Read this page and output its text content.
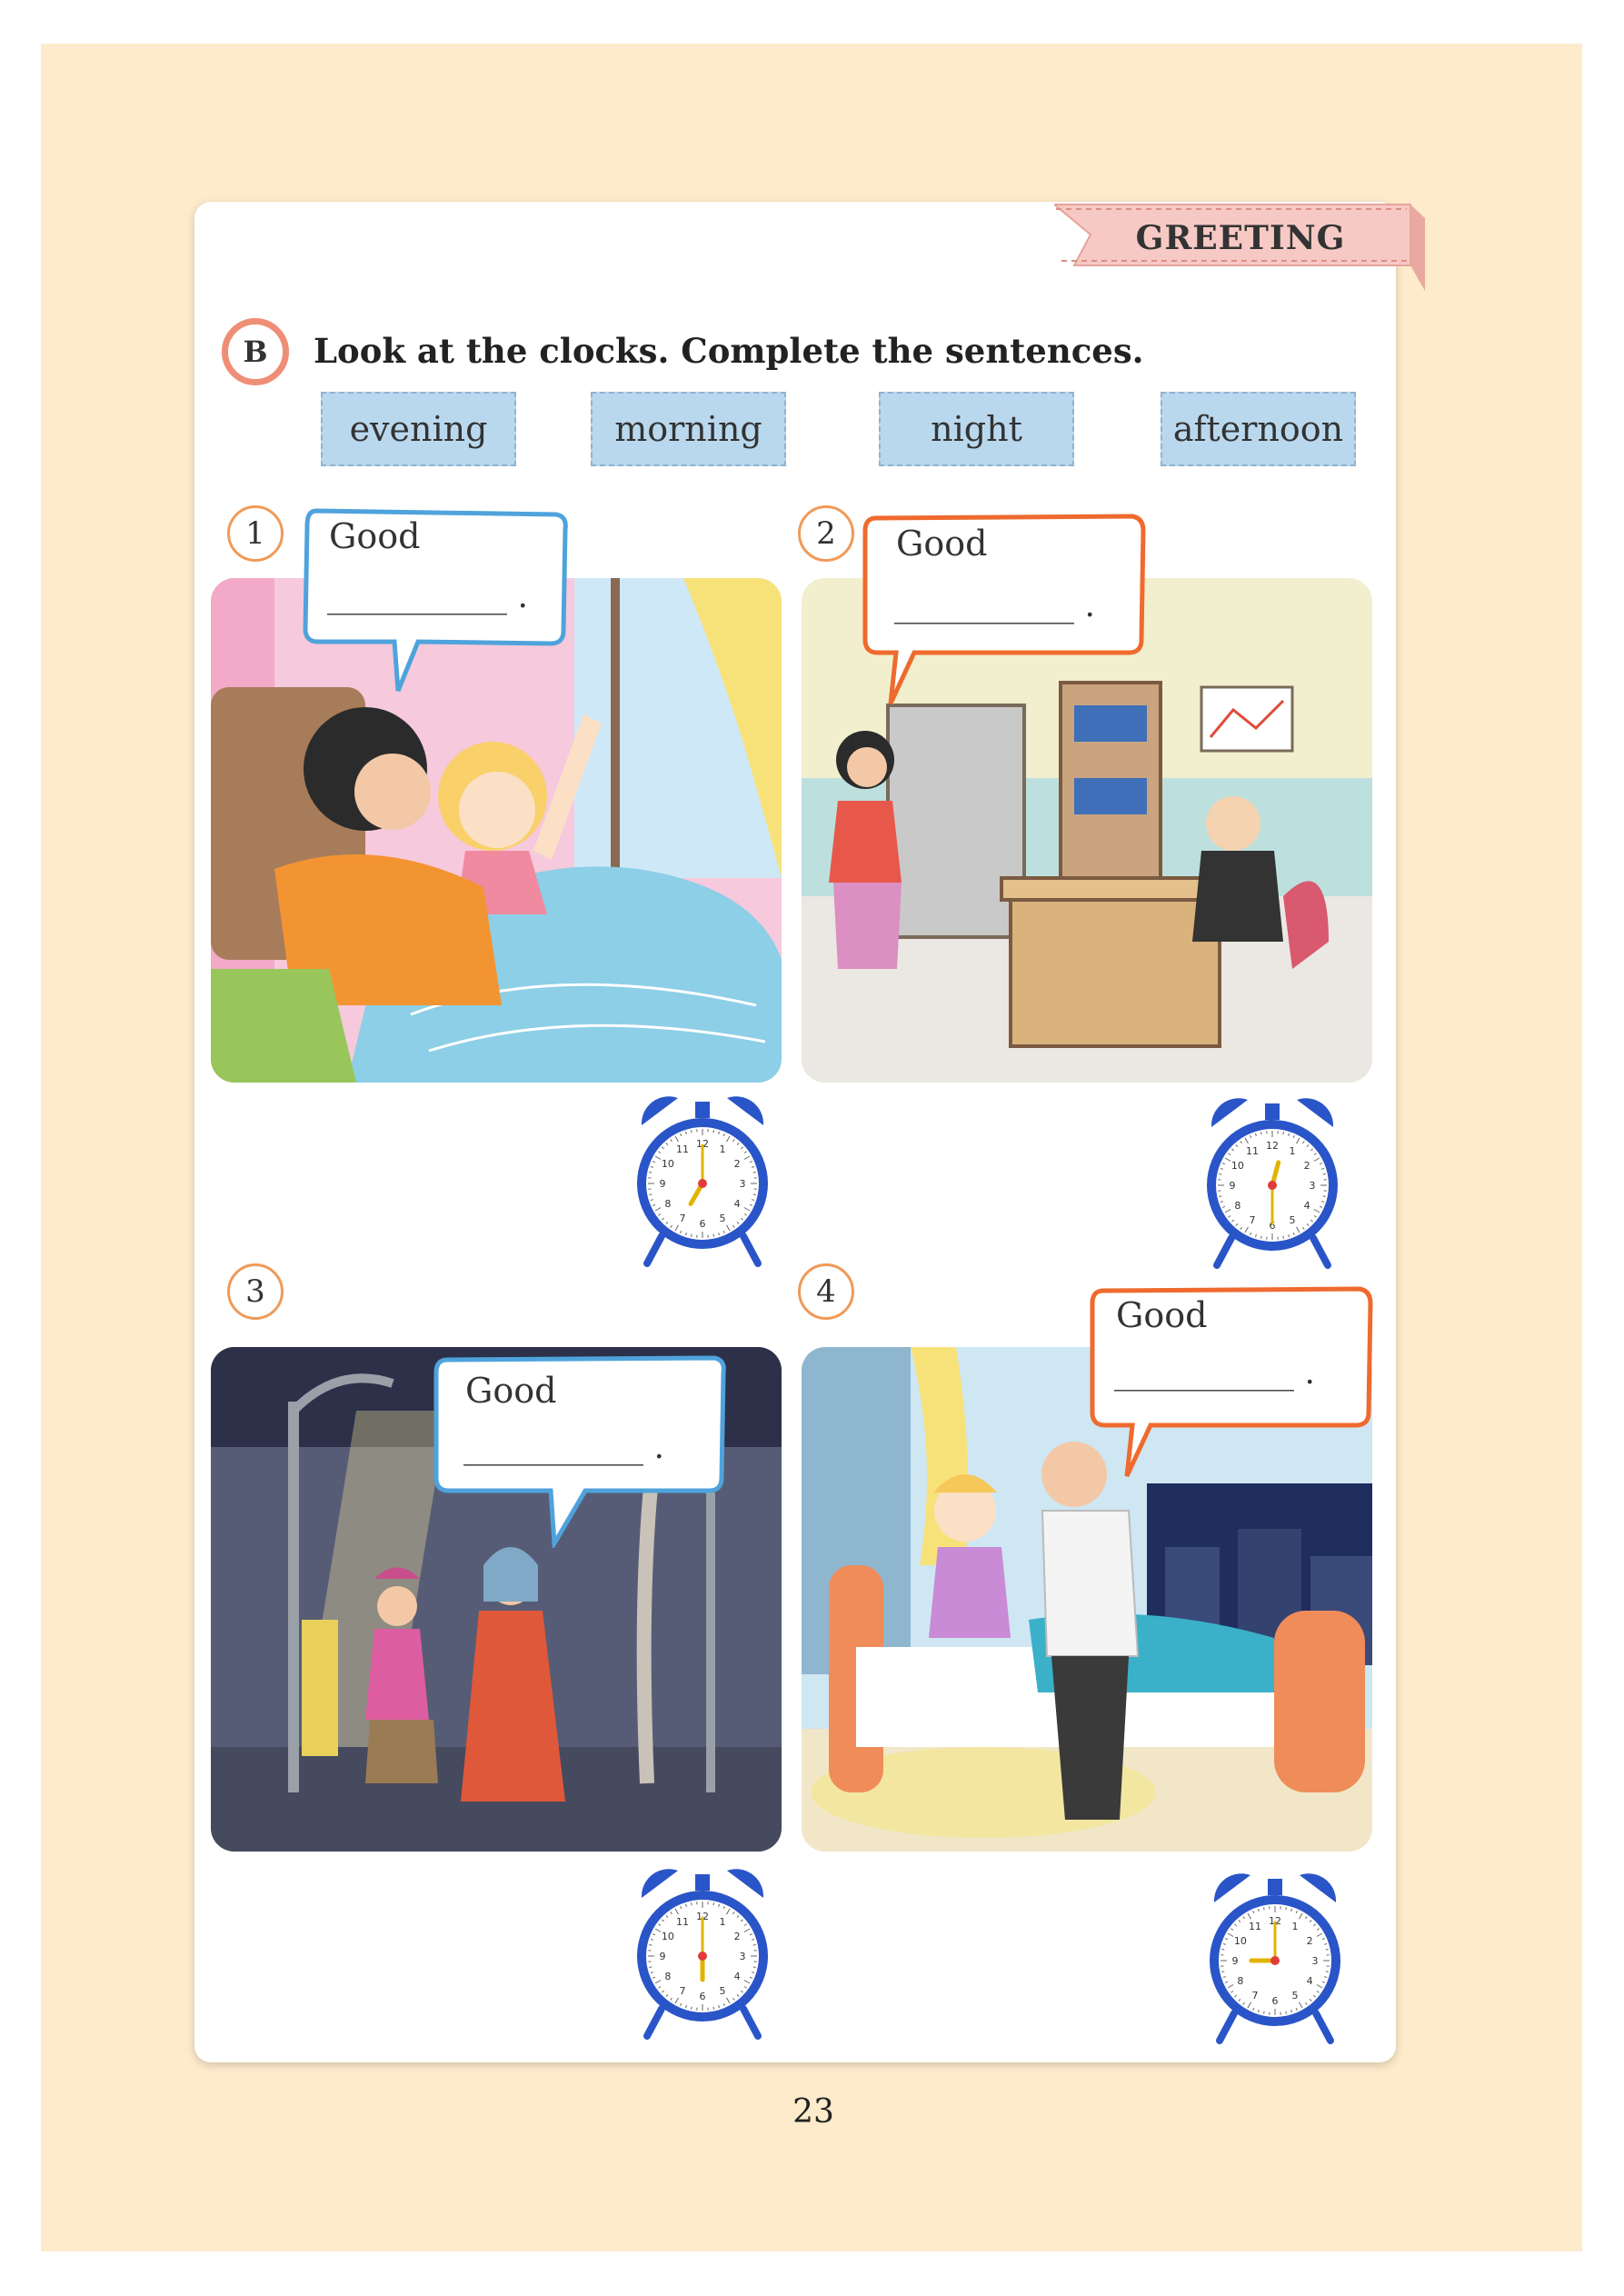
GREETING
B	Look at the clocks. Complete the sentences.
evening	morning	night	afternoon
1	Good
___________ .
2	Good
___________ .
3
Good
___________ .
4
Good
___________ .
12 1
2
3
4
5
6
7
8
9
10
11	12 1
2
3
4
5
6
7
8
9
10
11
12 1
2
3
4
5
6
7
8
9
10
11	12 1
2
3
4
5
6
7
8
9
10
11
23
